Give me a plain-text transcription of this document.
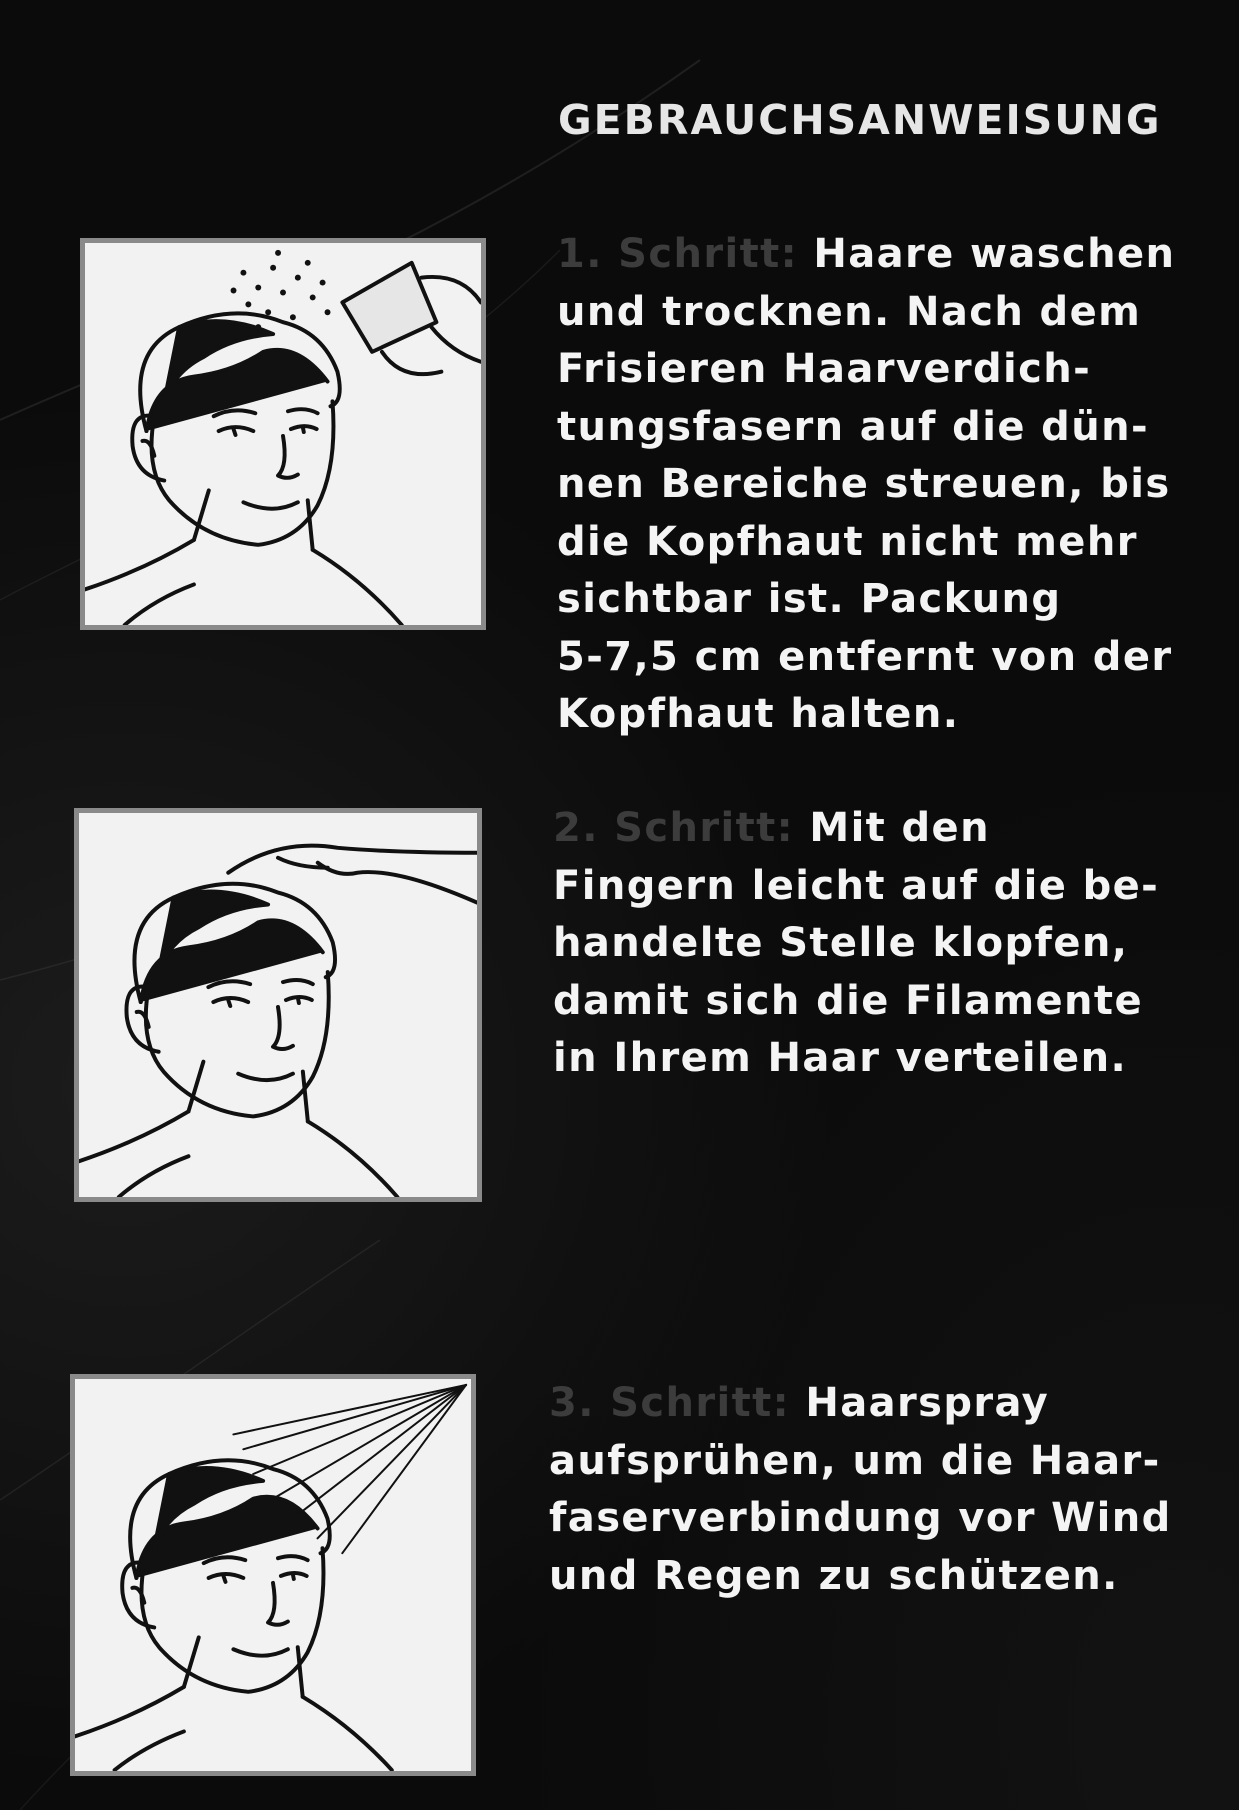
GEBRAUCHSANWEISUNG
1. Schritt: Haare waschen
und trocknen. Nach dem
Frisieren Haarverdich-
tungsfasern auf die dün-
nen Bereiche streuen, bis
die Kopfhaut nicht mehr
sichtbar ist. Packung
5-7,5 cm entfernt von der
Kopfhaut halten.
2. Schritt: Mit den
Fingern leicht auf die be-
handelte Stelle klopfen,
damit sich die Filamente
in Ihrem Haar verteilen.
3. Schritt: Haarspray
aufsprühen, um die Haar-
faserverbindung vor Wind
und Regen zu schützen.
